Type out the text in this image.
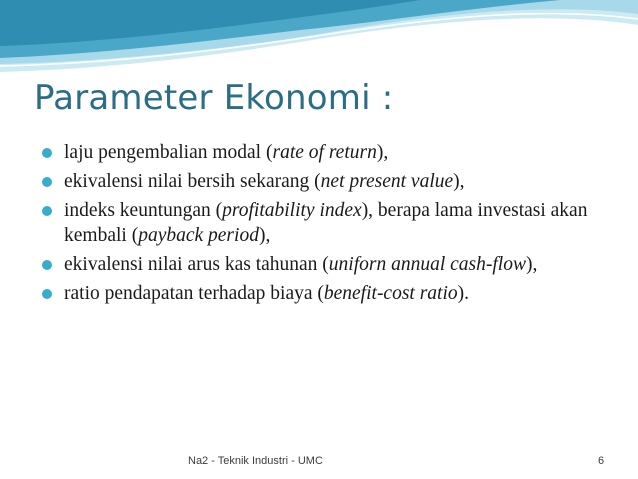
Parameter Ekonomi :
laju pengembalian modal (rate of return),
ekivalensi nilai bersih sekarang (net present value),
indeks keuntungan (profitability index), berapa lama investasi akan kembali (payback period),
ekivalensi nilai arus kas tahunan (uniforn annual cash-flow),
ratio pendapatan terhadap biaya (benefit-cost ratio).
Na2 - Teknik Industri - UMC	6
